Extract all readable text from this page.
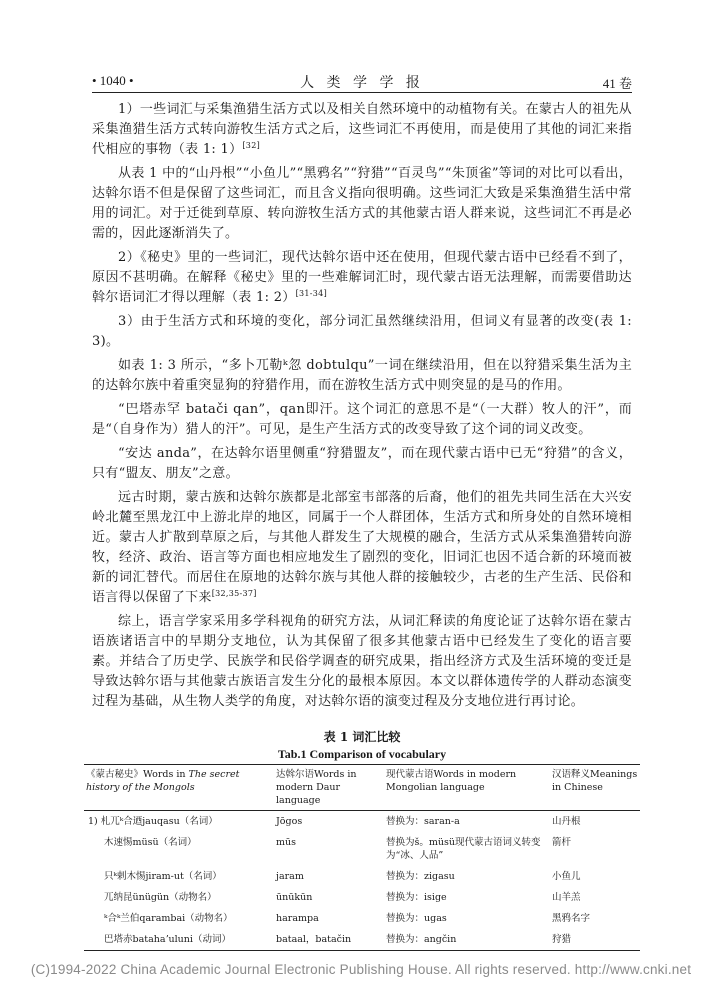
• 1040 •	人 类 学 学 报	41 卷

1）一些词汇与采集渔猎生活方式以及相关自然环境中的动植物有关。在蒙古人的祖先从采集渔猎生活方式转向游牧生活方式之后，这些词汇不再使用，而是使用了其他的词汇来指代相应的事物（表 1: 1）[32]

从表 1 中的“山丹根”“小鱼儿”“黑鸦名”“狩猎”“百灵鸟”“朱顶雀”等词的对比可以看出，达斡尔语不但是保留了这些词汇，而且含义指向很明确。这些词汇大致是采集渔猎生活中常用的词汇。对于迁徙到草原、转向游牧生活方式的其他蒙古语人群来说，这些词汇不再是必需的，因此逐渐消失了。

2）《秘史》里的一些词汇，现代达斡尔语中还在使用，但现代蒙古语中已经看不到了，原因不甚明确。在解释《秘史》里的一些难解词汇时，现代蒙古语无法理解，而需要借助达斡尔语词汇才得以理解（表 1: 2）[31-34]

3）由于生活方式和环境的变化，部分词汇虽然继续沿用，但词义有显著的改变(表 1: 3)。

如表 1: 3 所示，“多卜兀勒ᵏ忽 dobtulqu”一词在继续沿用，但在以狩猎采集生活为主的达斡尔族中着重突显狗的狩猎作用，而在游牧生活方式中则突显的是马的作用。

“巴塔赤罕 batači qan”，qan即汗。这个词汇的意思不是“（一大群）牧人的汗”，而是“（自身作为）猎人的汗”。可见，是生产生活方式的改变导致了这个词的词义改变。

“安达 anda”，在达斡尔语里侧重“狩猎盟友”，而在现代蒙古语中已无“狩猎”的含义，只有“盟友、朋友”之意。

远古时期，蒙古族和达斡尔族都是北部室韦部落的后裔，他们的祖先共同生活在大兴安岭北麓至黑龙江中上游北岸的地区，同属于一个人群团体，生活方式和所身处的自然环境相近。蒙古人扩散到草原之后，与其他人群发生了大规模的融合，生活方式从采集渔猎转向游牧，经济、政治、语言等方面也相应地发生了剧烈的变化，旧词汇也因不适合新的环境而被新的词汇替代。而居住在原地的达斡尔族与其他人群的接触较少，古老的生产生活、民俗和语言得以保留了下来[32,35-37]

综上，语言学家采用多学科视角的研究方法，从词汇释读的角度论证了达斡尔语在蒙古语族诸语言中的早期分支地位，认为其保留了很多其他蒙古语中已经发生了变化的语言要素。并结合了历史学、民族学和民俗学调查的研究成果，指出经济方式及生活环境的变迁是导致达斡尔语与其他蒙古族语言发生分化的最根本原因。本文以群体遗传学的人群动态演变过程为基础，从生物人类学的角度，对达斡尔语的演变过程及分支地位进行再讨论。

表 1 词汇比较
Tab.1 Comparison of vocabulary
《蒙古秘史》Words in The secret history of the Mongols	达斡尔语Words in modern Daur language	现代蒙古语Words in modern Mongolian language	汉语释义Meanings in Chinese
1) 札兀ᵏ合迺jauqasu（名词）	Jōgos	替换为：saran-a	山丹根
木速惕müsü（名词）	mūs	替换为š。müsü现代蒙古语词义转变为“冰、人品”	箭杆
只ᵏ剌木惕jiram-ut（名词）	jaram	替换为：zigasu	小鱼儿
兀纳昆ünügün（动物名）	ūnūkūn	替换为：isige	山羊羔
ᵏ合ᵏ兰伯qarambai（动物名）	harampa	替换为：ugas	黑鸦名字
巴塔赤batahaʼuluni（动词）	bataal，batačin	替换为：angčin	狩猎
(C)1994-2022 China Academic Journal Electronic Publishing House. All rights reserved. http://www.cnki.net
